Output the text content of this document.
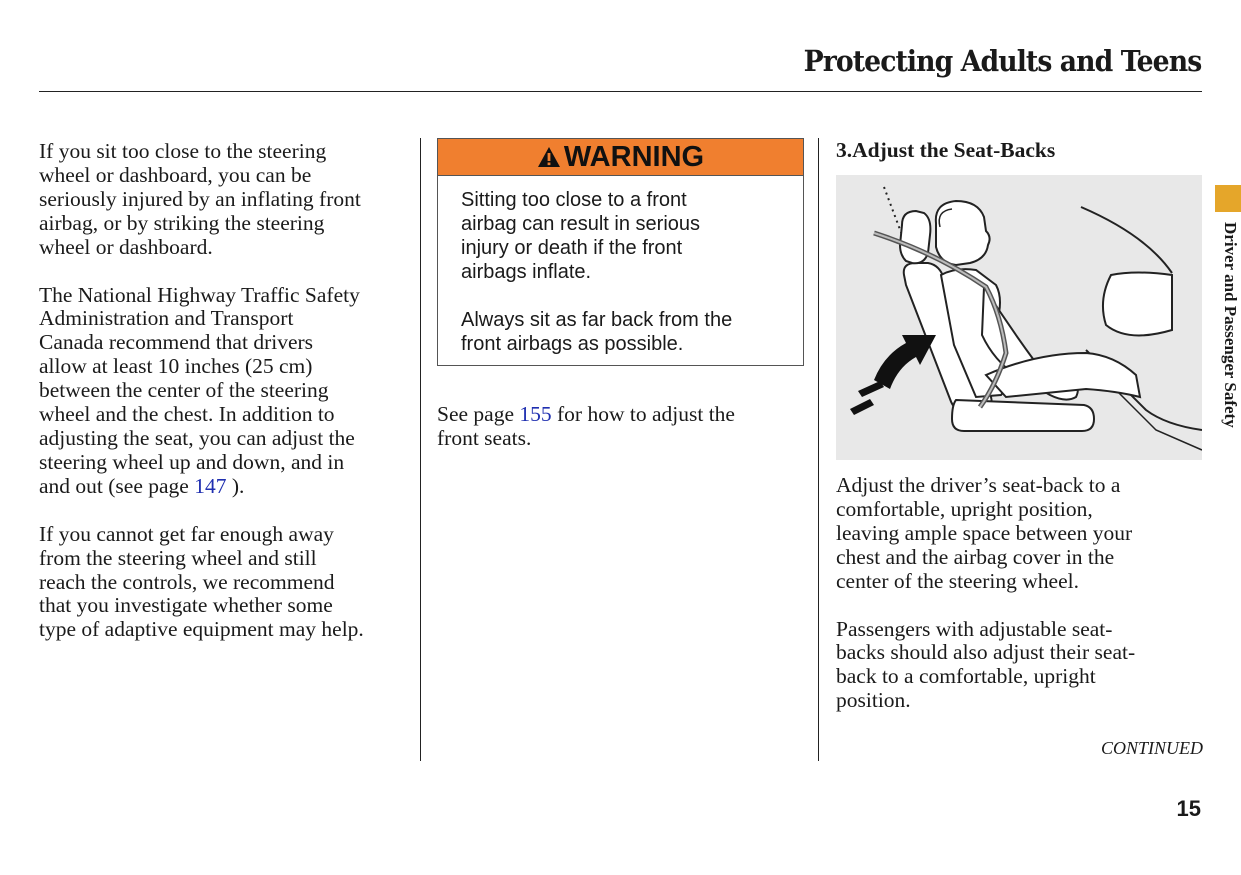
Protecting Adults and Teens

If you sit too close to the steering
wheel or dashboard, you can be
seriously injured by an inflating front
airbag, or by striking the steering
wheel or dashboard.

The National Highway Traffic Safety
Administration and Transport
Canada recommend that drivers
allow at least 10 inches (25 cm)
between the center of the steering
wheel and the chest. In addition to
adjusting the seat, you can adjust the
steering wheel up and down, and in
and out (see page 147 ).

If you cannot get far enough away
from the steering wheel and still
reach the controls, we recommend
that you investigate whether some
type of adaptive equipment may help.

WARNING

Sitting too close to a front
airbag can result in serious
injury or death if the front
airbags inflate.

Always sit as far back from the
front airbags as possible.

See page 155 for how to adjust the
front seats.
3.Adjust the Seat-Backs

Adjust the driver’s seat-back to a
comfortable, upright position,
leaving ample space between your
chest and the airbag cover in the
center of the steering wheel.

Passengers with adjustable seat-
backs should also adjust their seat-
back to a comfortable, upright
position.

Driver and Passenger Safety
CONTINUED
15
